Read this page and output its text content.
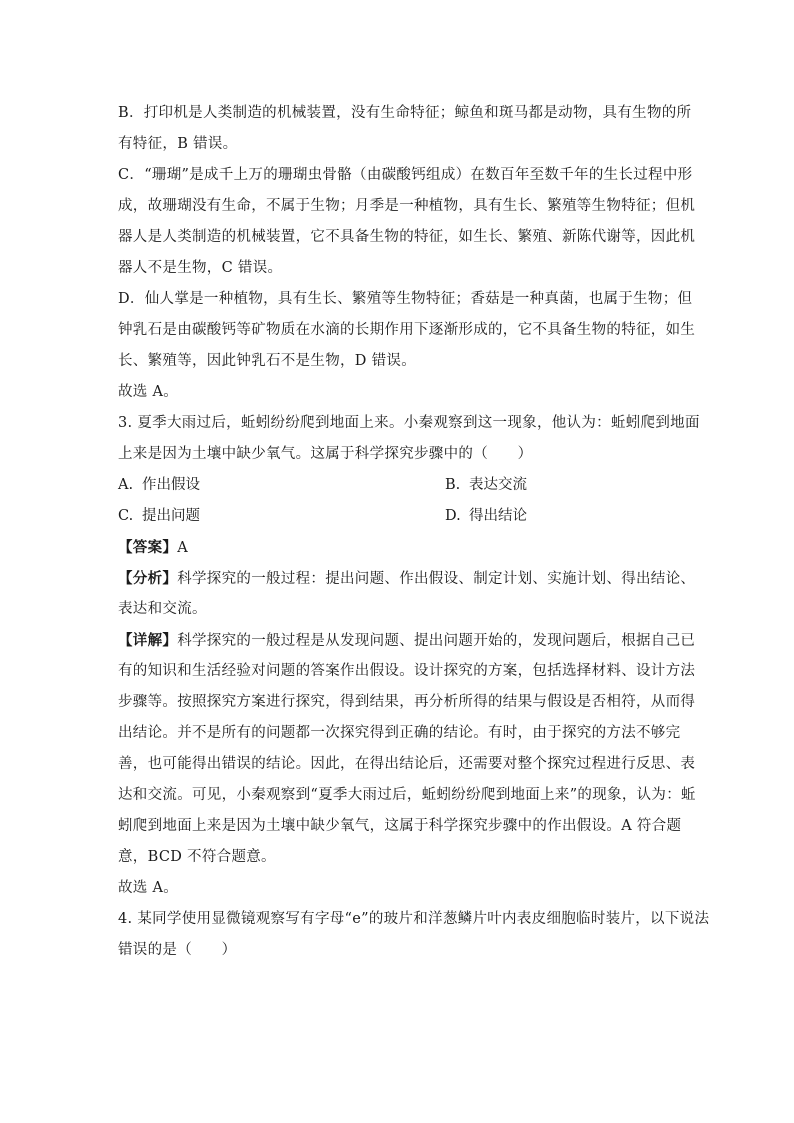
B．打印机是人类制造的机械装置，没有生命特征；鲸鱼和斑马都是动物，具有生物的所
有特征，B 错误。
C．“珊瑚”是成千上万的珊瑚虫骨骼（由碳酸钙组成）在数百年至数千年的生长过程中形
成，故珊瑚没有生命，不属于生物；月季是一种植物，具有生长、繁殖等生物特征；但机
器人是人类制造的机械装置，它不具备生物的特征，如生长、繁殖、新陈代谢等，因此机
器人不是生物，C 错误。
D．仙人掌是一种植物，具有生长、繁殖等生物特征；香菇是一种真菌，也属于生物；但
钟乳石是由碳酸钙等矿物质在水滴的长期作用下逐渐形成的，它不具备生物的特征，如生
长、繁殖等，因此钟乳石不是生物，D 错误。
故选 A。
3. 夏季大雨过后，蚯蚓纷纷爬到地面上来。小秦观察到这一现象，他认为：蚯蚓爬到地面
上来是因为土壤中缺少氧气。这属于科学探究步骤中的（　　）
A. 作出假设	B. 表达交流
C. 提出问题	D. 得出结论
【答案】A
【分析】科学探究的一般过程：提出问题、作出假设、制定计划、实施计划、得出结论、
表达和交流。
【详解】科学探究的一般过程是从发现问题、提出问题开始的，发现问题后，根据自己已
有的知识和生活经验对问题的答案作出假设。设计探究的方案，包括选择材料、设计方法
步骤等。按照探究方案进行探究，得到结果，再分析所得的结果与假设是否相符，从而得
出结论。并不是所有的问题都一次探究得到正确的结论。有时，由于探究的方法不够完
善，也可能得出错误的结论。因此，在得出结论后，还需要对整个探究过程进行反思、表
达和交流。可见，小秦观察到“夏季大雨过后，蚯蚓纷纷爬到地面上来”的现象，认为：蚯
蚓爬到地面上来是因为土壤中缺少氧气，这属于科学探究步骤中的作出假设。A 符合题
意，BCD 不符合题意。
故选 A。
4. 某同学使用显微镜观察写有字母“e”的玻片和洋葱鳞片叶内表皮细胞临时装片，以下说法
错误的是（　　）
